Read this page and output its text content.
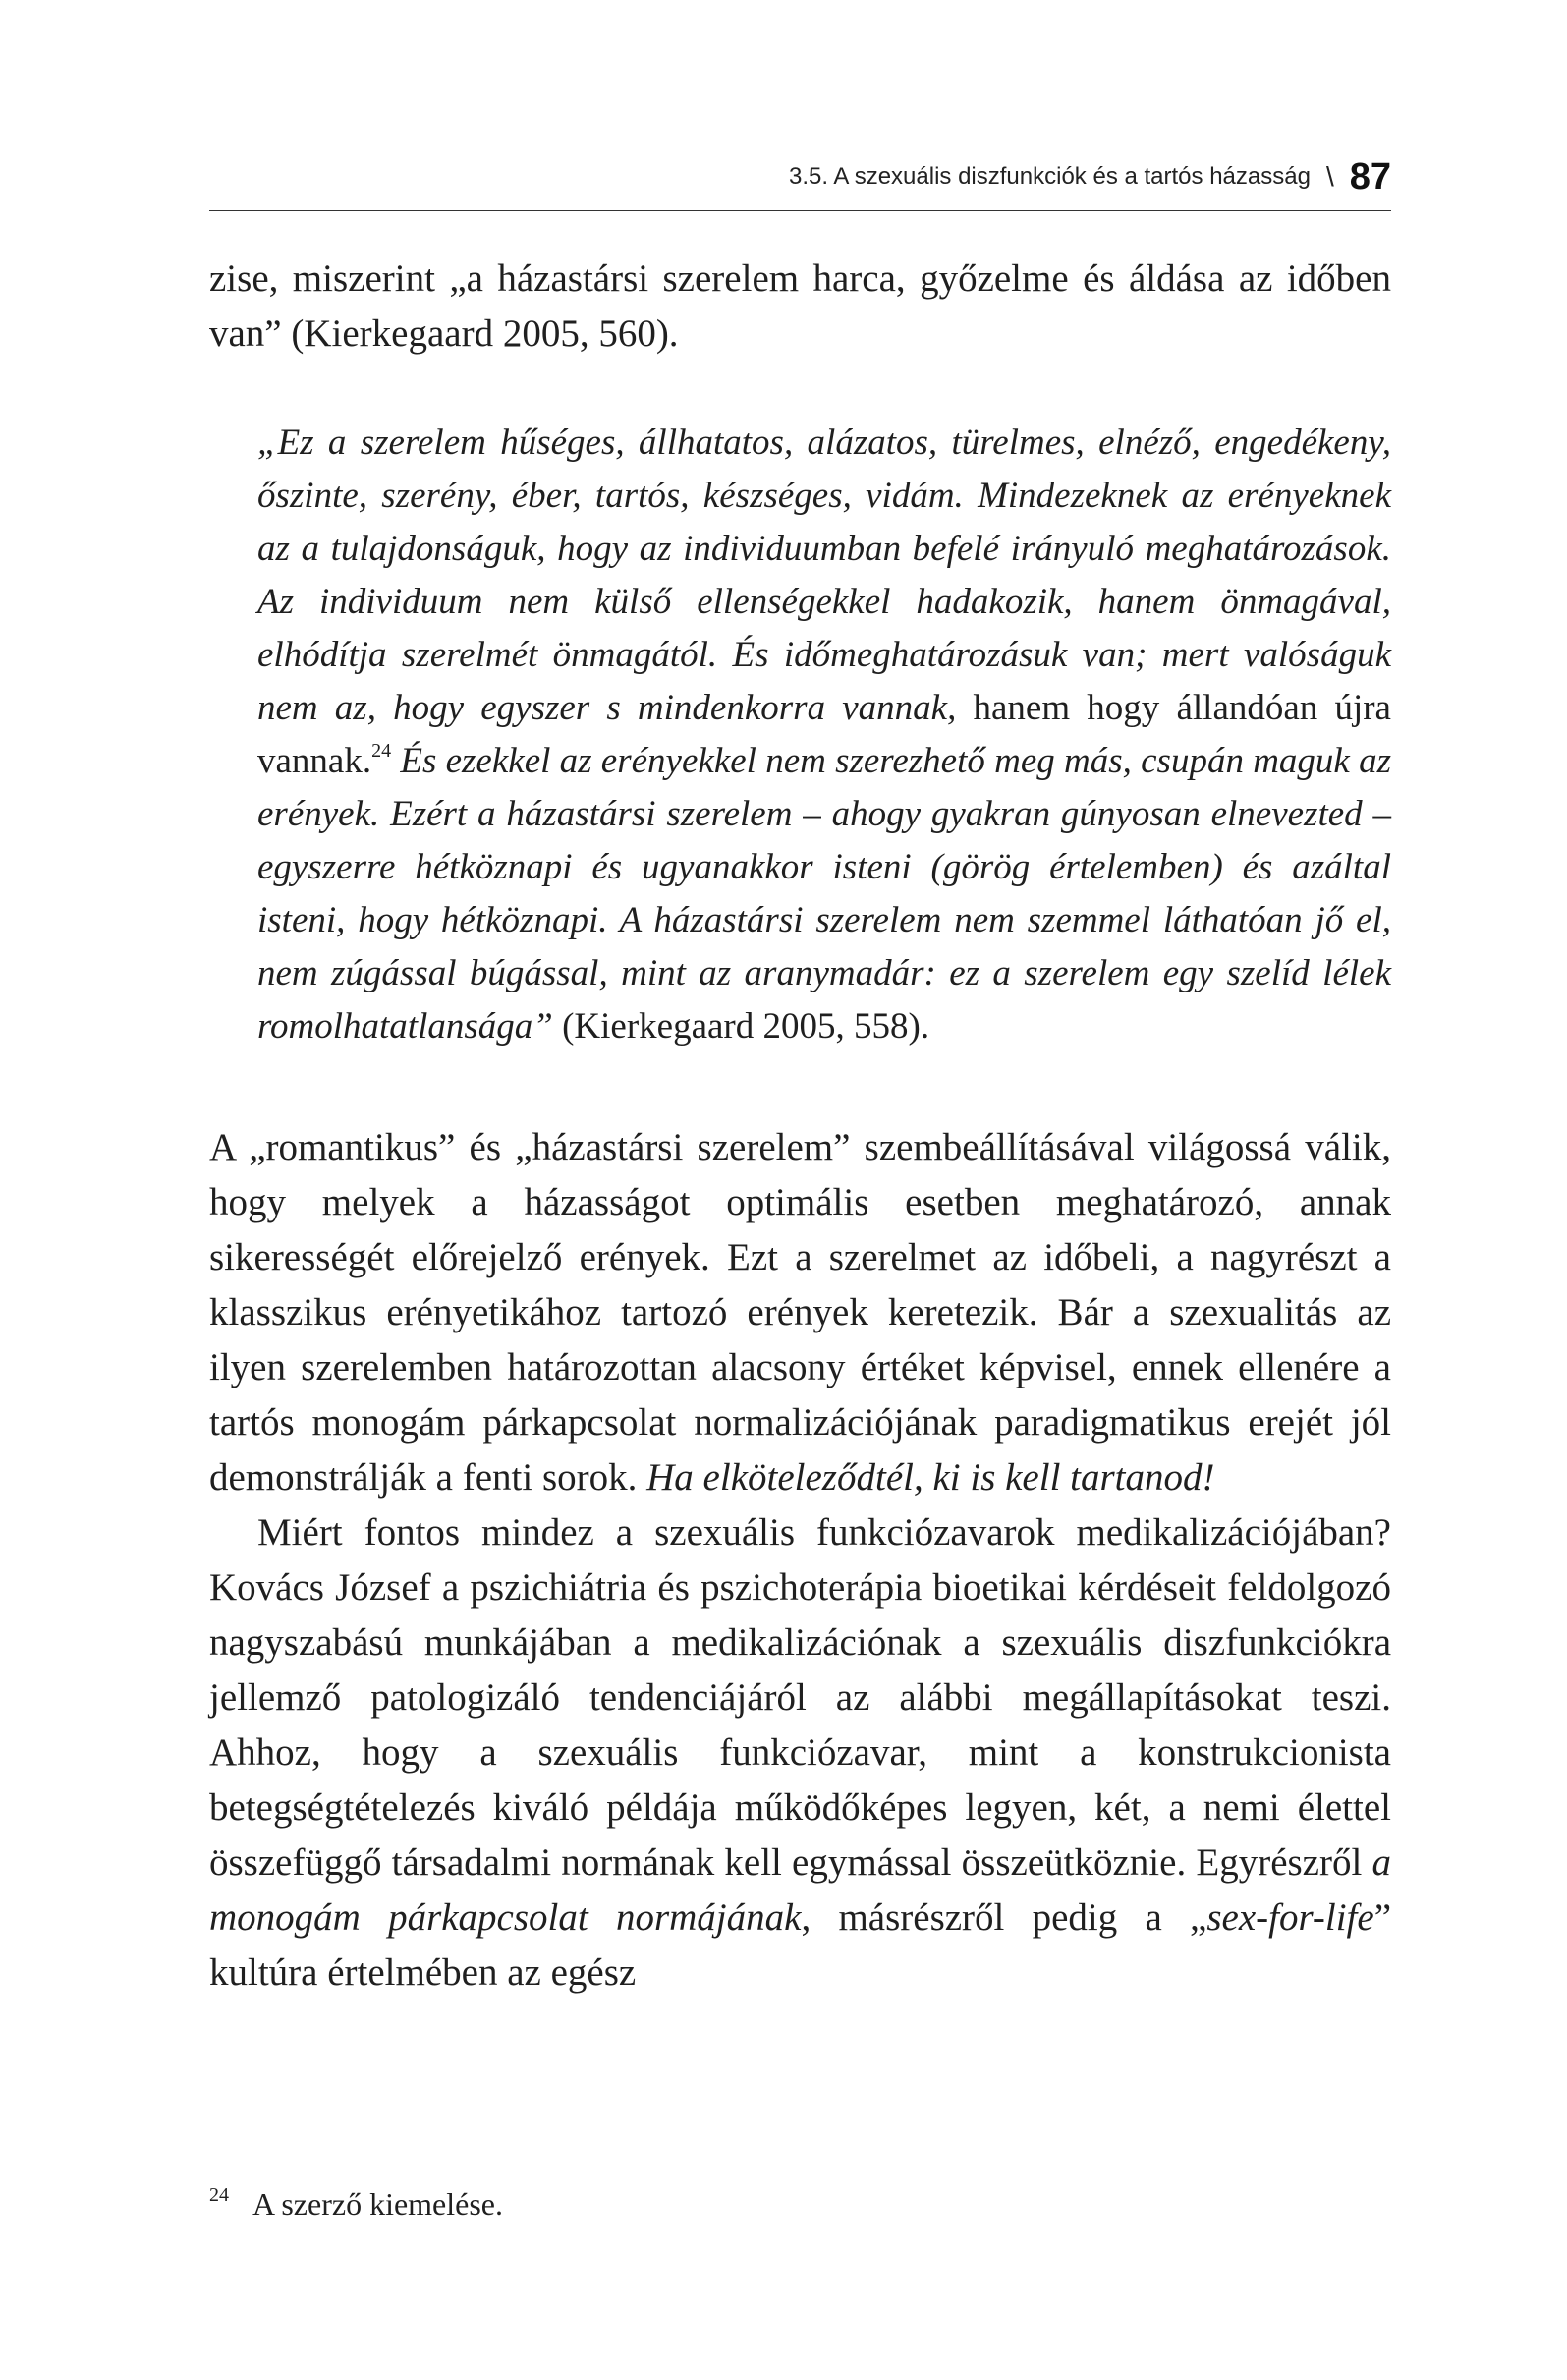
3.5. A szexuális diszfunkciók és a tartós házasság \ 87

zise, miszerint „a házastársi szerelem harca, győzelme és áldása az időben van” (Kierkegaard 2005, 560).

„Ez a szerelem hűséges, állhatatos, alázatos, türelmes, elnéző, engedékeny, őszinte, szerény, éber, tartós, készséges, vidám. Mindezeknek az erényeknek az a tulajdonságuk, hogy az individuumban befelé irányuló meghatározások. Az individuum nem külső ellenségekkel hadakozik, hanem önmagával, elhódítja szerelmét önmagától. És időmeghatározásuk van; mert valóságuk nem az, hogy egyszer s mindenkorra vannak, hanem hogy állandóan újra vannak.$^{24}$ És ezekkel az erényekkel nem szerezhető meg más, csupán maguk az erények. Ezért a házastársi szerelem – ahogy gyakran gúnyosan elnevezted – egyszerre hétköznapi és ugyanakkor isteni (görög értelemben) és azáltal isteni, hogy hétköznapi. A házastársi szerelem nem szemmel láthatóan jő el, nem zúgással búgással, mint az aranymadár: ez a szerelem egy szelíd lélek romolhatatlansága” (Kierkegaard 2005, 558).

A „romantikus” és „házastársi szerelem” szembeállításával világossá válik, hogy melyek a házasságot optimális esetben meghatározó, annak sikerességét előrejelző erények. Ezt a szerelmet az időbeli, a nagyrészt a klasszikus erényetikához tartozó erények keretezik. Bár a szexualitás az ilyen szerelemben határozottan alacsony értéket képvisel, ennek ellenére a tartós monogám párkapcsolat normalizációjának paradigmatikus erejét jól demonstrálják a fenti sorok. Ha elköteleződtél, ki is kell tartanod!

Miért fontos mindez a szexuális funkciózavarok medikalizációjában? Kovács József a pszichiátria és pszichoterápia bioetikai kérdéseit feldolgozó nagyszabású munkájában a medikalizációnak a szexuális diszfunkciókra jellemző patologizáló tendenciájáról az alábbi megállapításokat teszi. Ahhoz, hogy a szexuális funkciózavar, mint a konstrukcionista betegségtételezés kiváló példája működőképes legyen, két, a nemi élettel összefüggő társadalmi normának kell egymással összeütköznie. Egyrészről a monogám párkapcsolat normájának, másrészről pedig a „sex-for-life” kultúra értelmében az egész

$^{24}$ A szerző kiemelése.
